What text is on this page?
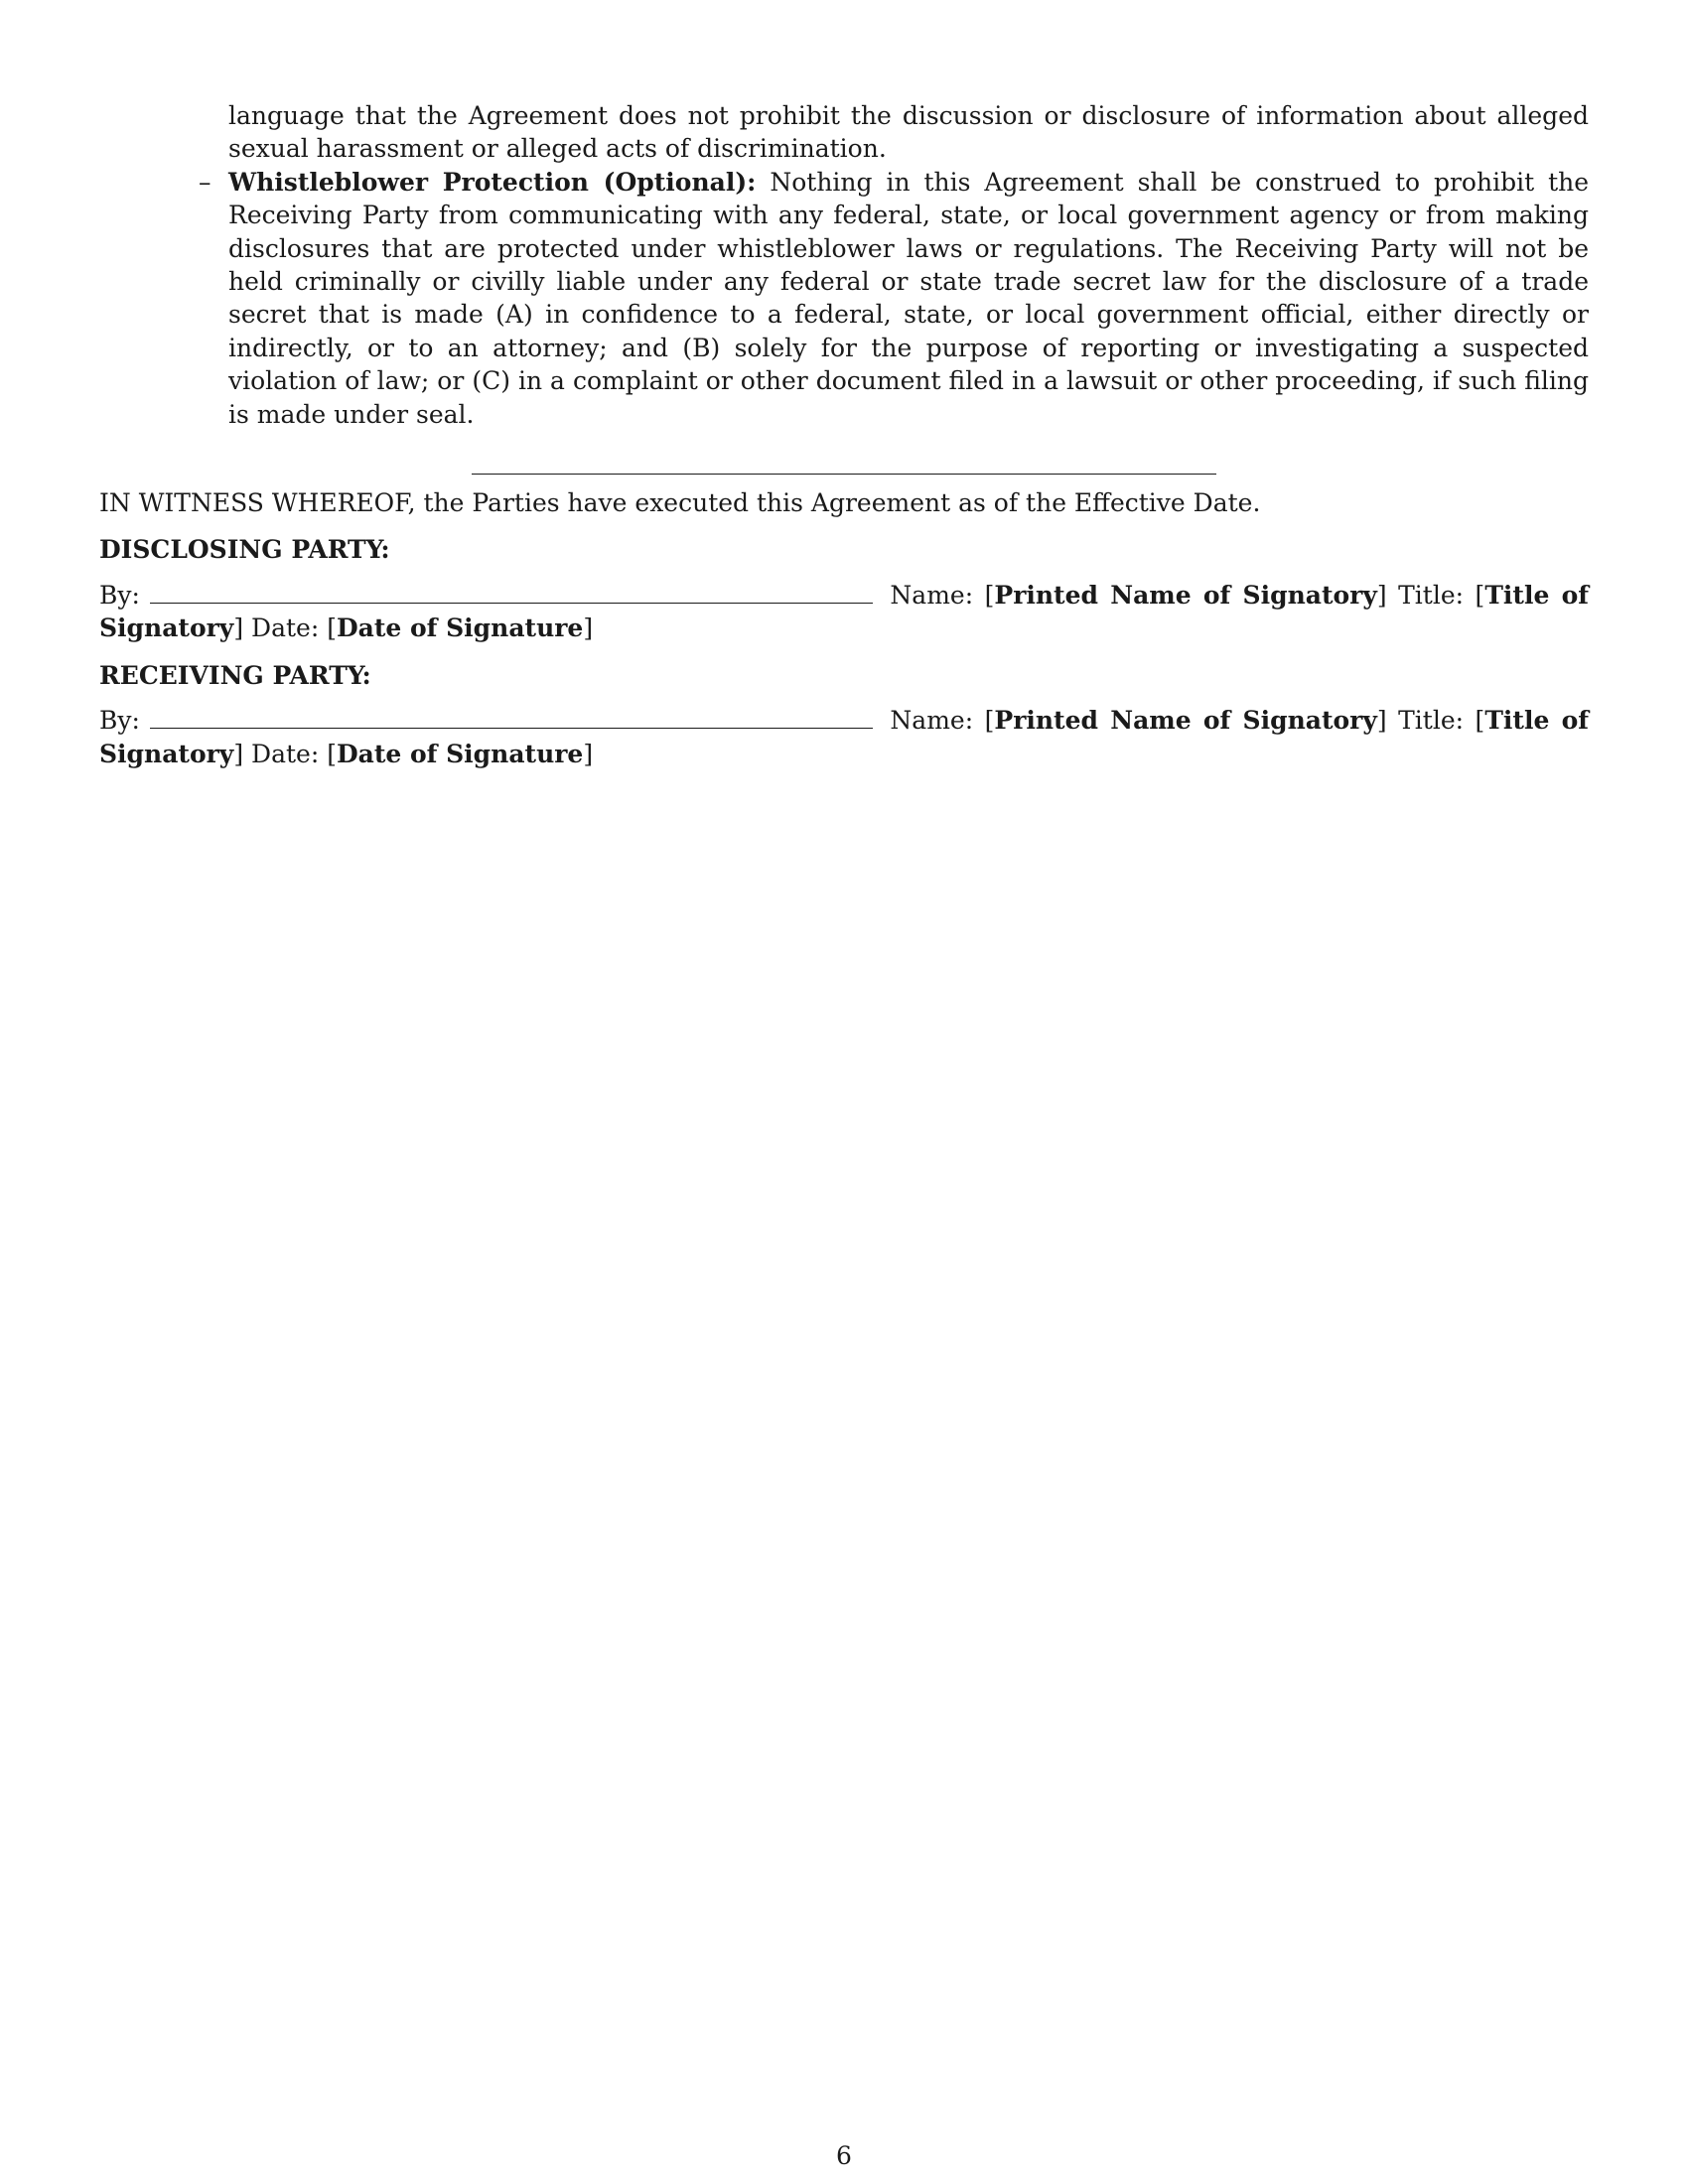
language that the Agreement does not prohibit the discussion or disclosure of information about alleged sexual harassment or alleged acts of discrimination.
– Whistleblower Protection (Optional): Nothing in this Agreement shall be construed to prohibit the Receiving Party from communicating with any federal, state, or local government agency or from making disclosures that are protected under whistleblower laws or regulations. The Receiving Party will not be held criminally or civilly liable under any federal or state trade secret law for the disclosure of a trade secret that is made (A) in confidence to a federal, state, or local government official, either directly or indirectly, or to an attorney; and (B) solely for the purpose of reporting or investigating a suspected violation of law; or (C) in a complaint or other document filed in a lawsuit or other proceeding, if such filing is made under seal.
IN WITNESS WHEREOF, the Parties have executed this Agreement as of the Effective Date.
DISCLOSING PARTY:
By:	Name: [Printed Name of Signatory] Title: [Title of Signatory] Date: [Date of Signature]
RECEIVING PARTY:
By:	Name: [Printed Name of Signatory] Title: [Title of Signatory] Date: [Date of Signature]
6
